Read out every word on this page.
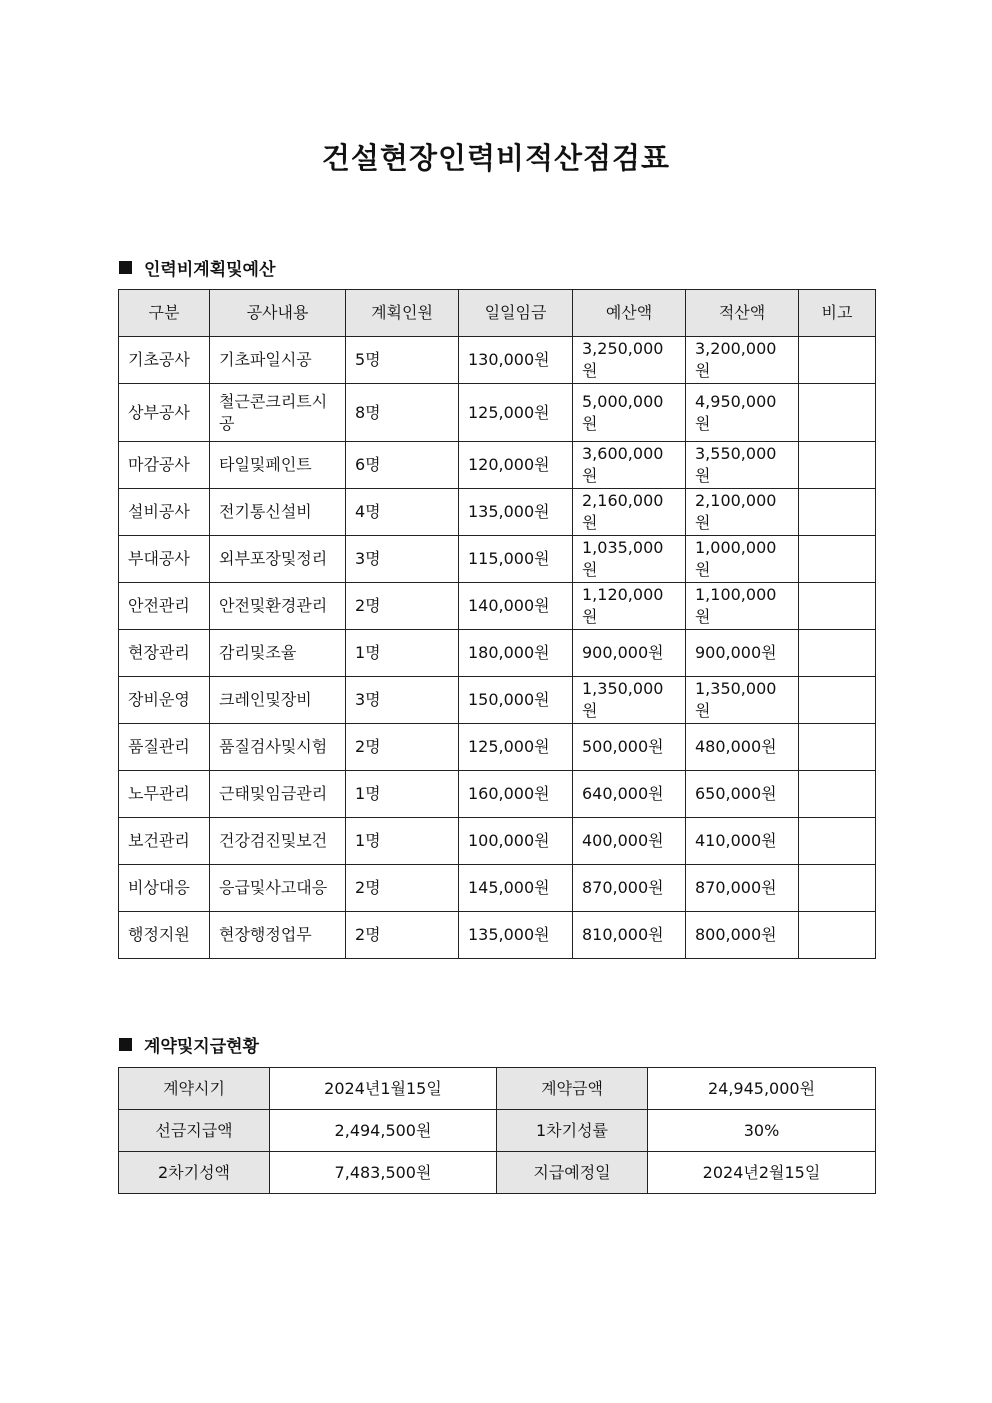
건설현장인력비적산점검표
인력비계획및예산
구분	공사내용	계획인원	일일임금	예산액	적산액	비고
기초공사	기초파일시공	5명	130,000원	3,250,000원	3,200,000원	
상부공사	철근콘크리트시공	8명	125,000원	5,000,000원	4,950,000원	
마감공사	타일및페인트	6명	120,000원	3,600,000원	3,550,000원	
설비공사	전기통신설비	4명	135,000원	2,160,000원	2,100,000원	
부대공사	외부포장및정리	3명	115,000원	1,035,000원	1,000,000원	
안전관리	안전및환경관리	2명	140,000원	1,120,000원	1,100,000원	
현장관리	감리및조율	1명	180,000원	900,000원	900,000원	
장비운영	크레인및장비	3명	150,000원	1,350,000원	1,350,000원	
품질관리	품질검사및시험	2명	125,000원	500,000원	480,000원	
노무관리	근태및임금관리	1명	160,000원	640,000원	650,000원	
보건관리	건강검진및보건	1명	100,000원	400,000원	410,000원	
비상대응	응급및사고대응	2명	145,000원	870,000원	870,000원	
행정지원	현장행정업무	2명	135,000원	810,000원	800,000원	
계약및지급현황
계약시기	2024년1월15일	계약금액	24,945,000원
선금지급액	2,494,500원	1차기성률	30%
2차기성액	7,483,500원	지급예정일	2024년2월15일
